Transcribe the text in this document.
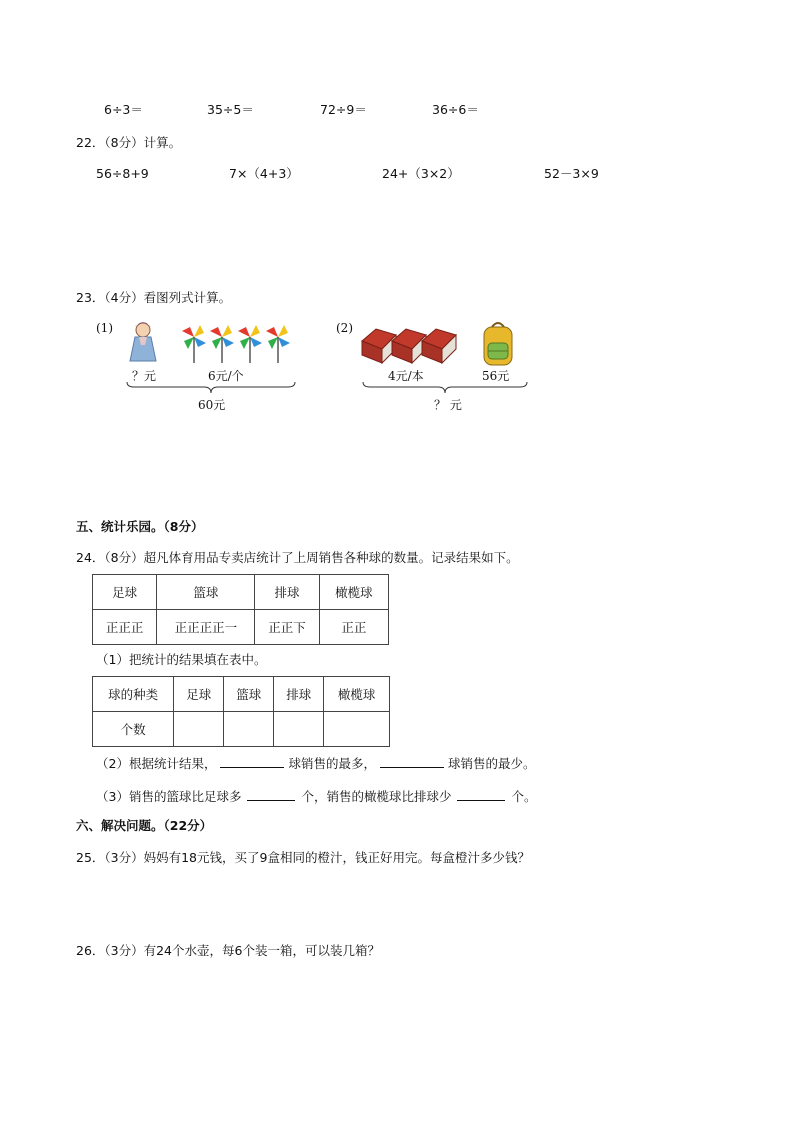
6÷3＝	35÷5＝	72÷9＝	36÷6＝
22．（8分）计算。
56÷8+9	7×（4+3）	24+（3×2）	52－3×9
23．（4分）看图列式计算。
(1)
？元	6元/个
60元
(2)
4元/本	56元
？ 元
五、统计乐园。（8分）
24．（8分）超凡体育用品专卖店统计了上周销售各种球的数量。记录结果如下。
足球	篮球	排球	橄榄球
正正正	正正正正一	正正下	正正
（1）把统计的结果填在表中。
球的种类	足球	篮球	排球	橄榄球
个数				
（2）根据统计结果，	球销售的最多，	球销售的最少。
（3）销售的篮球比足球多	个，销售的橄榄球比排球少	个。
六、解决问题。（22分）
25．（3分）妈妈有18元钱，买了9盒相同的橙汁，钱正好用完。每盒橙汁多少钱？
26．（3分）有24个水壶，每6个装一箱，可以装几箱？
